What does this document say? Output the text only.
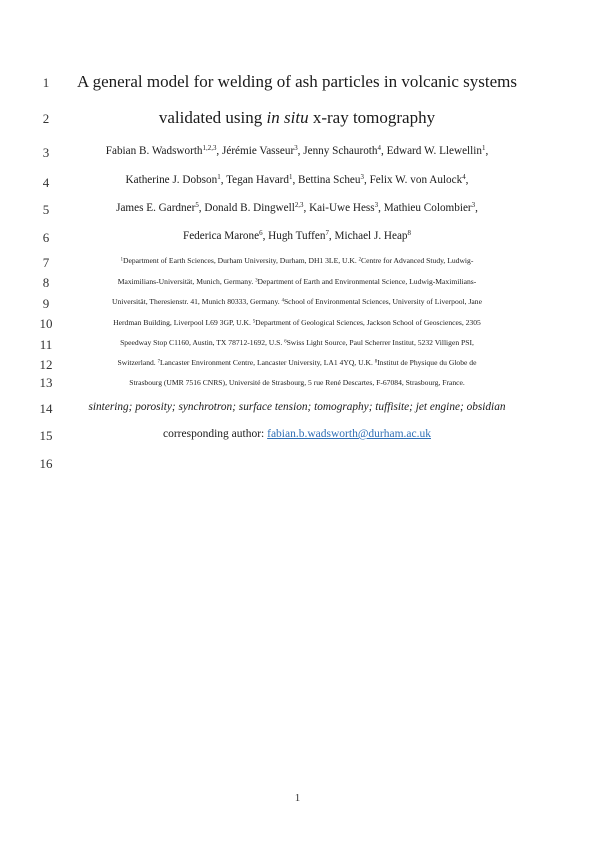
1
2
3
4
5
6
7
8
9
10
11
12
13
14
15
16
A general model for welding of ash particles in volcanic systems
validated using in situ x-ray tomography
Fabian B. Wadsworth$^{1,2,3}$, Jérémie Vasseur$^3$, Jenny Schauroth$^4$, Edward W. Llewellin$^1$,
Katherine J. Dobson$^1$, Tegan Havard$^1$, Bettina Scheu$^3$, Felix W. von Aulock$^4$,
James E. Gardner$^5$, Donald B. Dingwell$^{2,3}$, Kai-Uwe Hess$^3$, Mathieu Colombier$^3$,
Federica Marone$^6$, Hugh Tuffen$^7$, Michael J. Heap$^8$
$^1$Department of Earth Sciences, Durham University, Durham, DH1 3LE, U.K. $^2$Centre for Advanced Study, Ludwig-
Maximilians-Universität, Munich, Germany. $^3$Department of Earth and Environmental Science, Ludwig-Maximilians-
Universität, Theresienstr. 41, Munich 80333, Germany. $^4$School of Environmental Sciences, University of Liverpool, Jane
Herdman Building, Liverpool L69 3GP, U.K. $^5$Department of Geological Sciences, Jackson School of Geosciences, 2305
Speedway Stop C1160, Austin, TX 78712-1692, U.S. $^6$Swiss Light Source, Paul Scherrer Institut, 5232 Villigen PSI,
Switzerland. $^7$Lancaster Environment Centre, Lancaster University, LA1 4YQ, U.K. $^8$Institut de Physique du Globe de
Strasbourg (UMR 7516 CNRS), Université de Strasbourg, 5 rue René Descartes, F-67084, Strasbourg, France.
sintering; porosity; synchrotron; surface tension; tomography; tuffisite; jet engine; obsidian
corresponding author: fabian.b.wadsworth@durham.ac.uk
1
